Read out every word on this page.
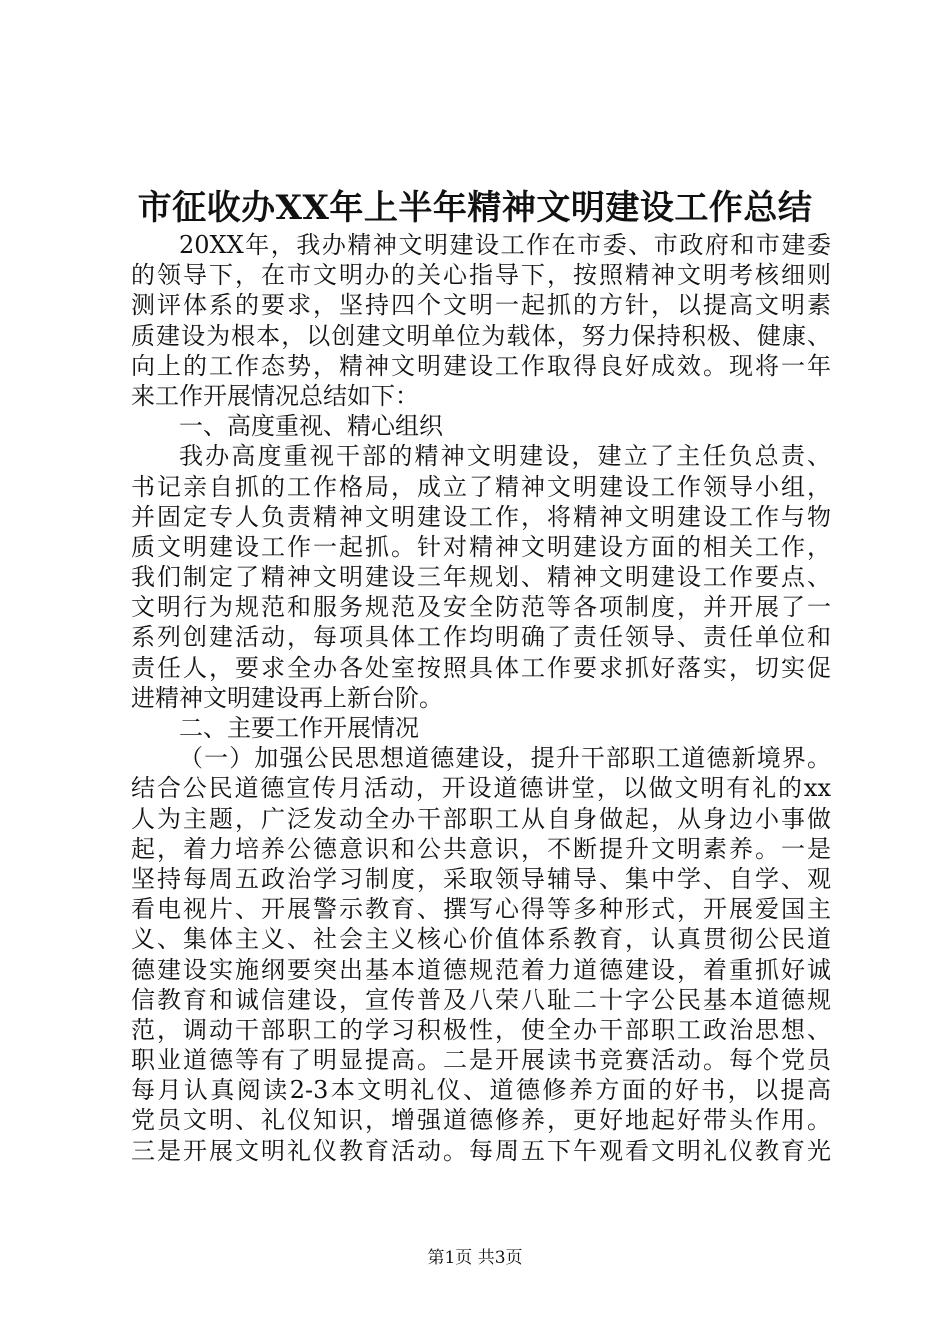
市征收办XX年上半年精神文明建设工作总结
20XX年，我办精神文明建设工作在市委、市政府和市建委
的领导下，在市文明办的关心指导下，按照精神文明考核细则
测评体系的要求，坚持四个文明一起抓的方针，以提高文明素
质建设为根本，以创建文明单位为载体，努力保持积极、健康、
向上的工作态势，精神文明建设工作取得良好成效。现将一年
来工作开展情况总结如下：
一、高度重视、精心组织
我办高度重视干部的精神文明建设，建立了主任负总责、
书记亲自抓的工作格局，成立了精神文明建设工作领导小组，
并固定专人负责精神文明建设工作，将精神文明建设工作与物
质文明建设工作一起抓。针对精神文明建设方面的相关工作，
我们制定了精神文明建设三年规划、精神文明建设工作要点、
文明行为规范和服务规范及安全防范等各项制度，并开展了一
系列创建活动，每项具体工作均明确了责任领导、责任单位和
责任人，要求全办各处室按照具体工作要求抓好落实，切实促
进精神文明建设再上新台阶。
二、主要工作开展情况
（一）加强公民思想道德建设，提升干部职工道德新境界。
结合公民道德宣传月活动，开设道德讲堂，以做文明有礼的xx
人为主题，广泛发动全办干部职工从自身做起，从身边小事做
起，着力培养公德意识和公共意识，不断提升文明素养。一是
坚持每周五政治学习制度，采取领导辅导、集中学、自学、观
看电视片、开展警示教育、撰写心得等多种形式，开展爱国主
义、集体主义、社会主义核心价值体系教育，认真贯彻公民道
德建设实施纲要突出基本道德规范着力道德建设，着重抓好诚
信教育和诚信建设，宣传普及八荣八耻二十字公民基本道德规
范，调动干部职工的学习积极性，使全办干部职工政治思想、
职业道德等有了明显提高。二是开展读书竞赛活动。每个党员
每月认真阅读2-3本文明礼仪、道德修养方面的好书，以提高
党员文明、礼仪知识，增强道德修养，更好地起好带头作用。
三是开展文明礼仪教育活动。每周五下午观看文明礼仪教育光
第1页 共3页
